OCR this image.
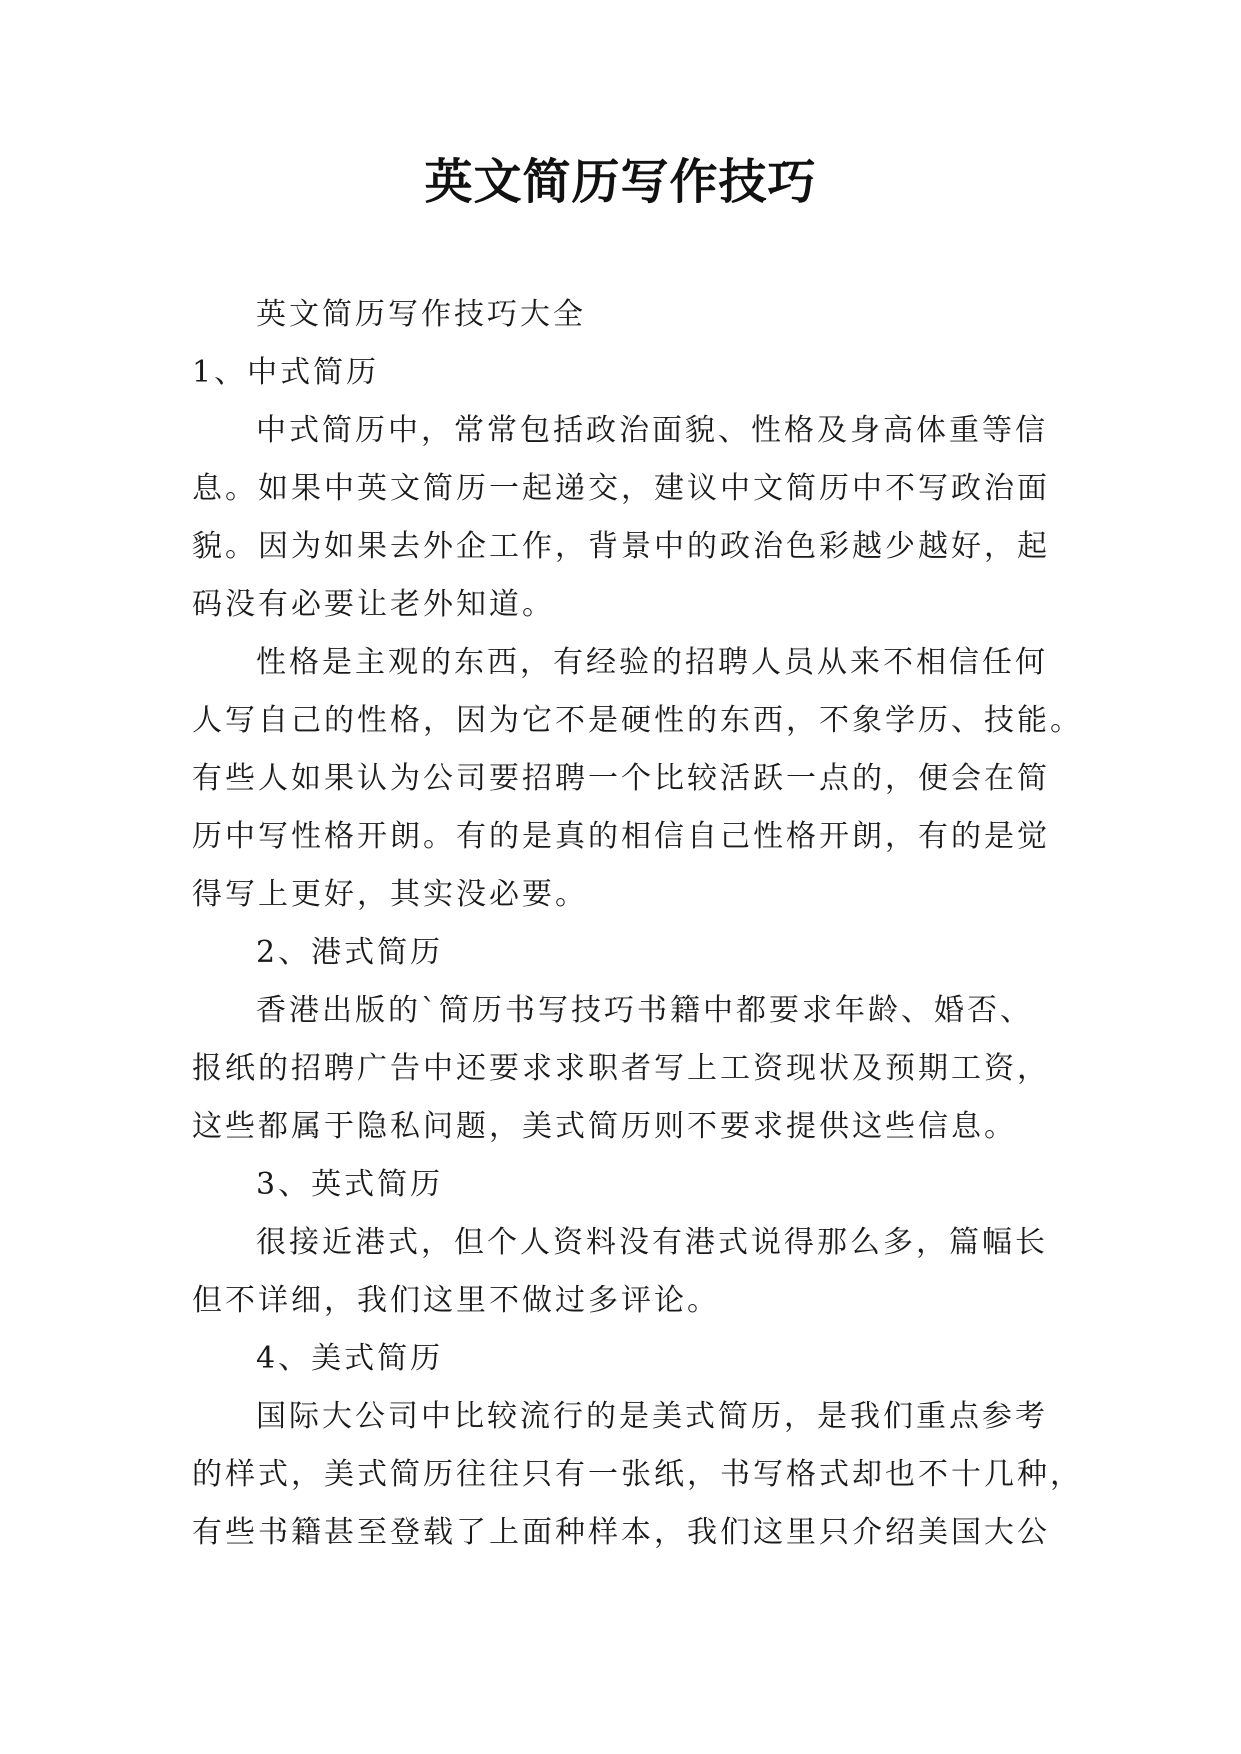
英文简历写作技巧
英文简历写作技巧大全
1、中式简历
中式简历中，常常包括政治面貌、性格及身高体重等信
息。如果中英文简历一起递交，建议中文简历中不写政治面
貌。因为如果去外企工作，背景中的政治色彩越少越好，起
码没有必要让老外知道。
性格是主观的东西，有经验的招聘人员从来不相信任何
人写自己的性格，因为它不是硬性的东西，不象学历、技能。
有些人如果认为公司要招聘一个比较活跃一点的，便会在简
历中写性格开朗。有的是真的相信自己性格开朗，有的是觉
得写上更好，其实没必要。
2、港式简历
香港出版的`简历书写技巧书籍中都要求年龄、婚否、
报纸的招聘广告中还要求求职者写上工资现状及预期工资，
这些都属于隐私问题，美式简历则不要求提供这些信息。
3、英式简历
很接近港式，但个人资料没有港式说得那么多，篇幅长
但不详细，我们这里不做过多评论。
4、美式简历
国际大公司中比较流行的是美式简历，是我们重点参考
的样式，美式简历往往只有一张纸，书写格式却也不十几种，
有些书籍甚至登载了上面种样本，我们这里只介绍美国大公
